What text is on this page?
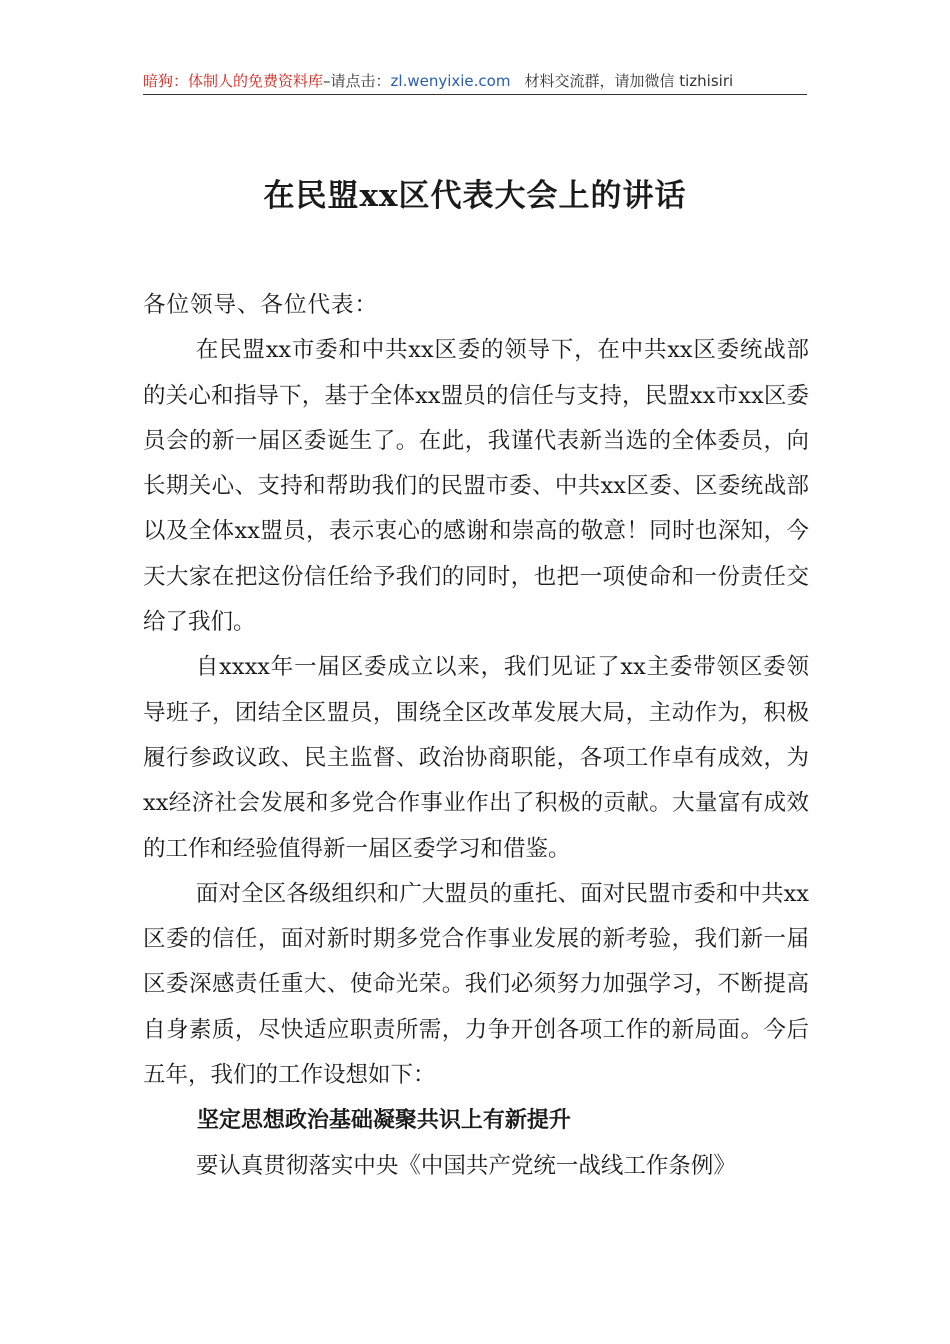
暗狗：体制人的免费资料库–请点击：zl.wenyixie.com 材料交流群，请加微信 tizhisiri
在民盟xx区代表大会上的讲话

各位领导、各位代表：

在民盟xx市委和中共xx区委的领导下，在中共xx区委统战部的关心和指导下，基于全体xx盟员的信任与支持，民盟xx市xx区委员会的新一届区委诞生了。在此，我谨代表新当选的全体委员，向长期关心、支持和帮助我们的民盟市委、中共xx区委、区委统战部以及全体xx盟员，表示衷心的感谢和崇高的敬意！同时也深知，今天大家在把这份信任给予我们的同时，也把一项使命和一份责任交给了我们。

自xxxx年一届区委成立以来，我们见证了xx主委带领区委领导班子，团结全区盟员，围绕全区改革发展大局，主动作为，积极履行参政议政、民主监督、政治协商职能，各项工作卓有成效，为xx经济社会发展和多党合作事业作出了积极的贡献。大量富有成效的工作和经验值得新一届区委学习和借鉴。

面对全区各级组织和广大盟员的重托、面对民盟市委和中共xx区委的信任，面对新时期多党合作事业发展的新考验，我们新一届区委深感责任重大、使命光荣。我们必须努力加强学习，不断提高自身素质，尽快适应职责所需，力争开创各项工作的新局面。今后五年，我们的工作设想如下：

坚定思想政治基础凝聚共识上有新提升

要认真贯彻落实中央《中国共产党统一战线工作条例》
